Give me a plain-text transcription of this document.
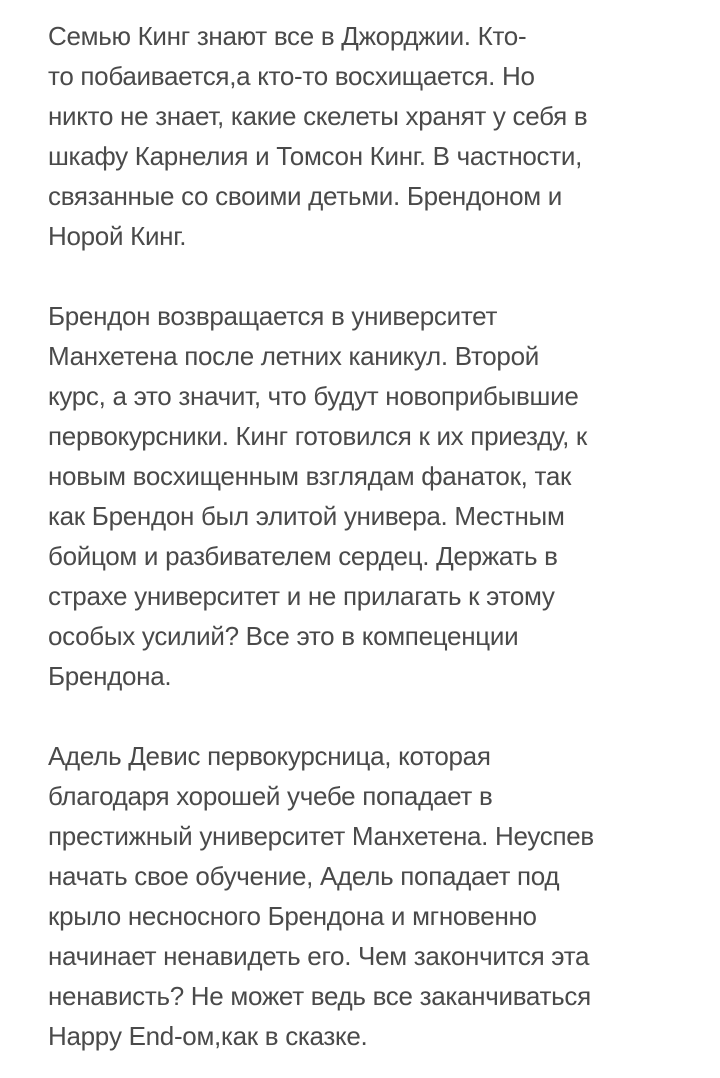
Семью Кинг знают все в Джорджии. Кто-
то побаивается,а кто-то восхищается. Но
никто не знает, какие скелеты хранят у себя в
шкафу Карнелия и Томсон Кинг. В частности,
связанные со своими детьми. Брендоном и
Норой Кинг.
Брендон возвращается в университет
Манхетена после летних каникул. Второй
курс, а это значит, что будут новоприбывшие
первокурсники. Кинг готовился к их приезду, к
новым восхищенным взглядам фанаток, так
как Брендон был элитой универа. Местным
бойцом и разбивателем сердец. Держать в
страхе университет и не прилагать к этому
особых усилий? Все это в компеценции
Брендона.
Адель Девис первокурсница, которая
благодаря хорошей учебе попадает в
престижный университет Манхетена. Неуспев
начать свое обучение, Адель попадает под
крыло несносного Брендона и мгновенно
начинает ненавидеть его. Чем закончится эта
ненависть? Не может ведь все заканчиваться
Happy End-ом,как в сказке.
